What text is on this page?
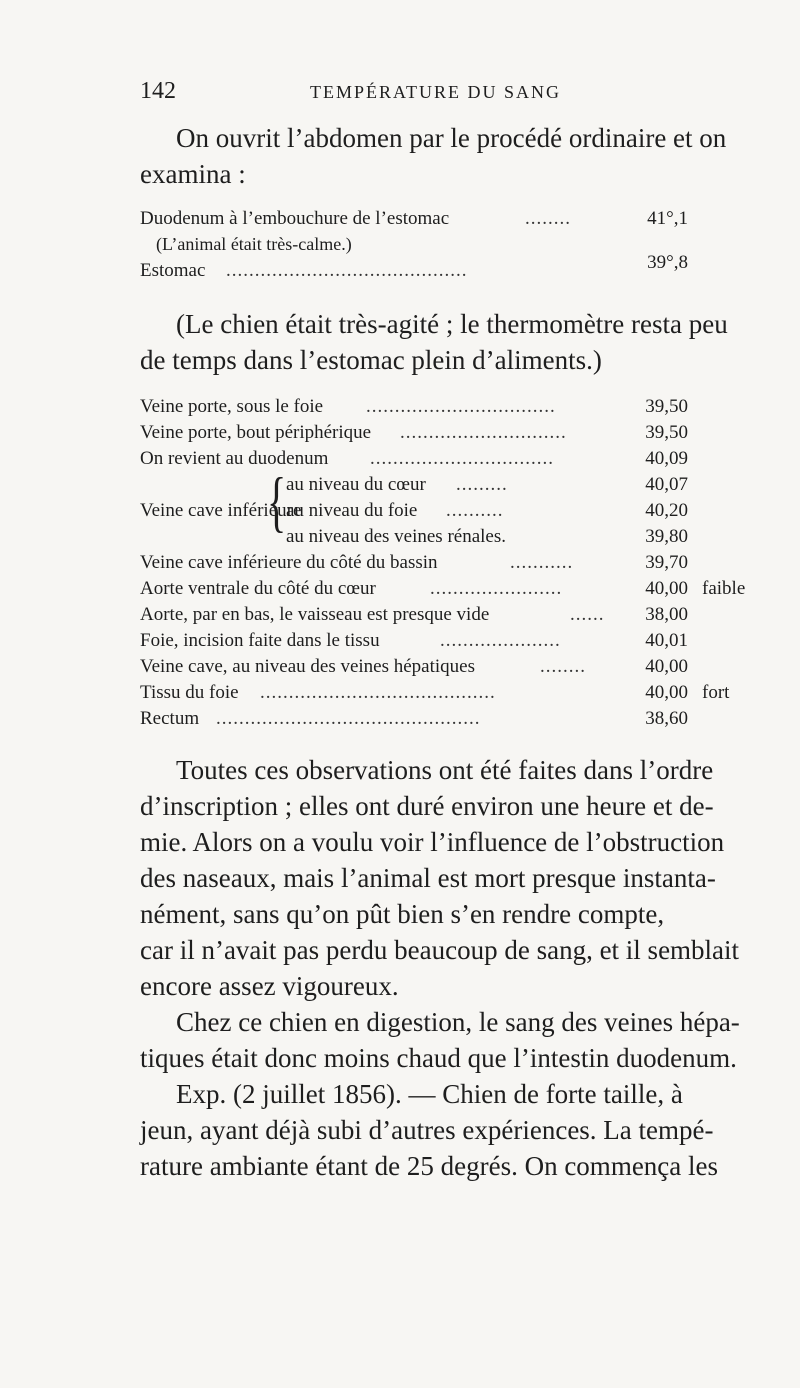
142	TEMPÉRATURE DU SANG

On ouvrit l’abdomen par le procédé ordinaire et on
examina :

Duodenum à l’embouchure de l’estomac	........	41°,1
(L’animal était très-calme.)
Estomac ..........................................	39°,8

(Le chien était très-agité ; le thermomètre resta peu
de temps dans l’estomac plein d’aliments.)

Veine porte, sous le foie .................................	39,50
Veine porte, bout périphérique .............................	39,50
On revient au duodenum ................................	40,09
Veine cave inférieure
{ au niveau du cœur .........	40,07
au niveau du foie ..........	40,20
au niveau des veines rénales.	39,80
Veine cave inférieure du côté du bassin	...........	39,70
Aorte ventrale du côté du cœur	.......................	40,00 faible
Aorte, par en bas, le vaisseau est presque vide	......	38,00
Foie, incision faite dans le tissu	.....................	40,01
Veine cave, au niveau des veines hépatiques	........	40,00
Tissu du foie .........................................	40,00 fort
Rectum ..............................................	38,60

Toutes ces observations ont été faites dans l’ordre
d’inscription ; elles ont duré environ une heure et de-
mie. Alors on a voulu voir l’influence de l’obstruction
des naseaux, mais l’animal est mort presque instanta-
nément, sans qu’on pût bien s’en rendre compte,
car il n’avait pas perdu beaucoup de sang, et il semblait
encore assez vigoureux.
Chez ce chien en digestion, le sang des veines hépa-
tiques était donc moins chaud que l’intestin duodenum.
Exp. (2 juillet 1856). — Chien de forte taille, à
jeun, ayant déjà subi d’autres expériences. La tempé-
rature ambiante étant de 25 degrés. On commença les
